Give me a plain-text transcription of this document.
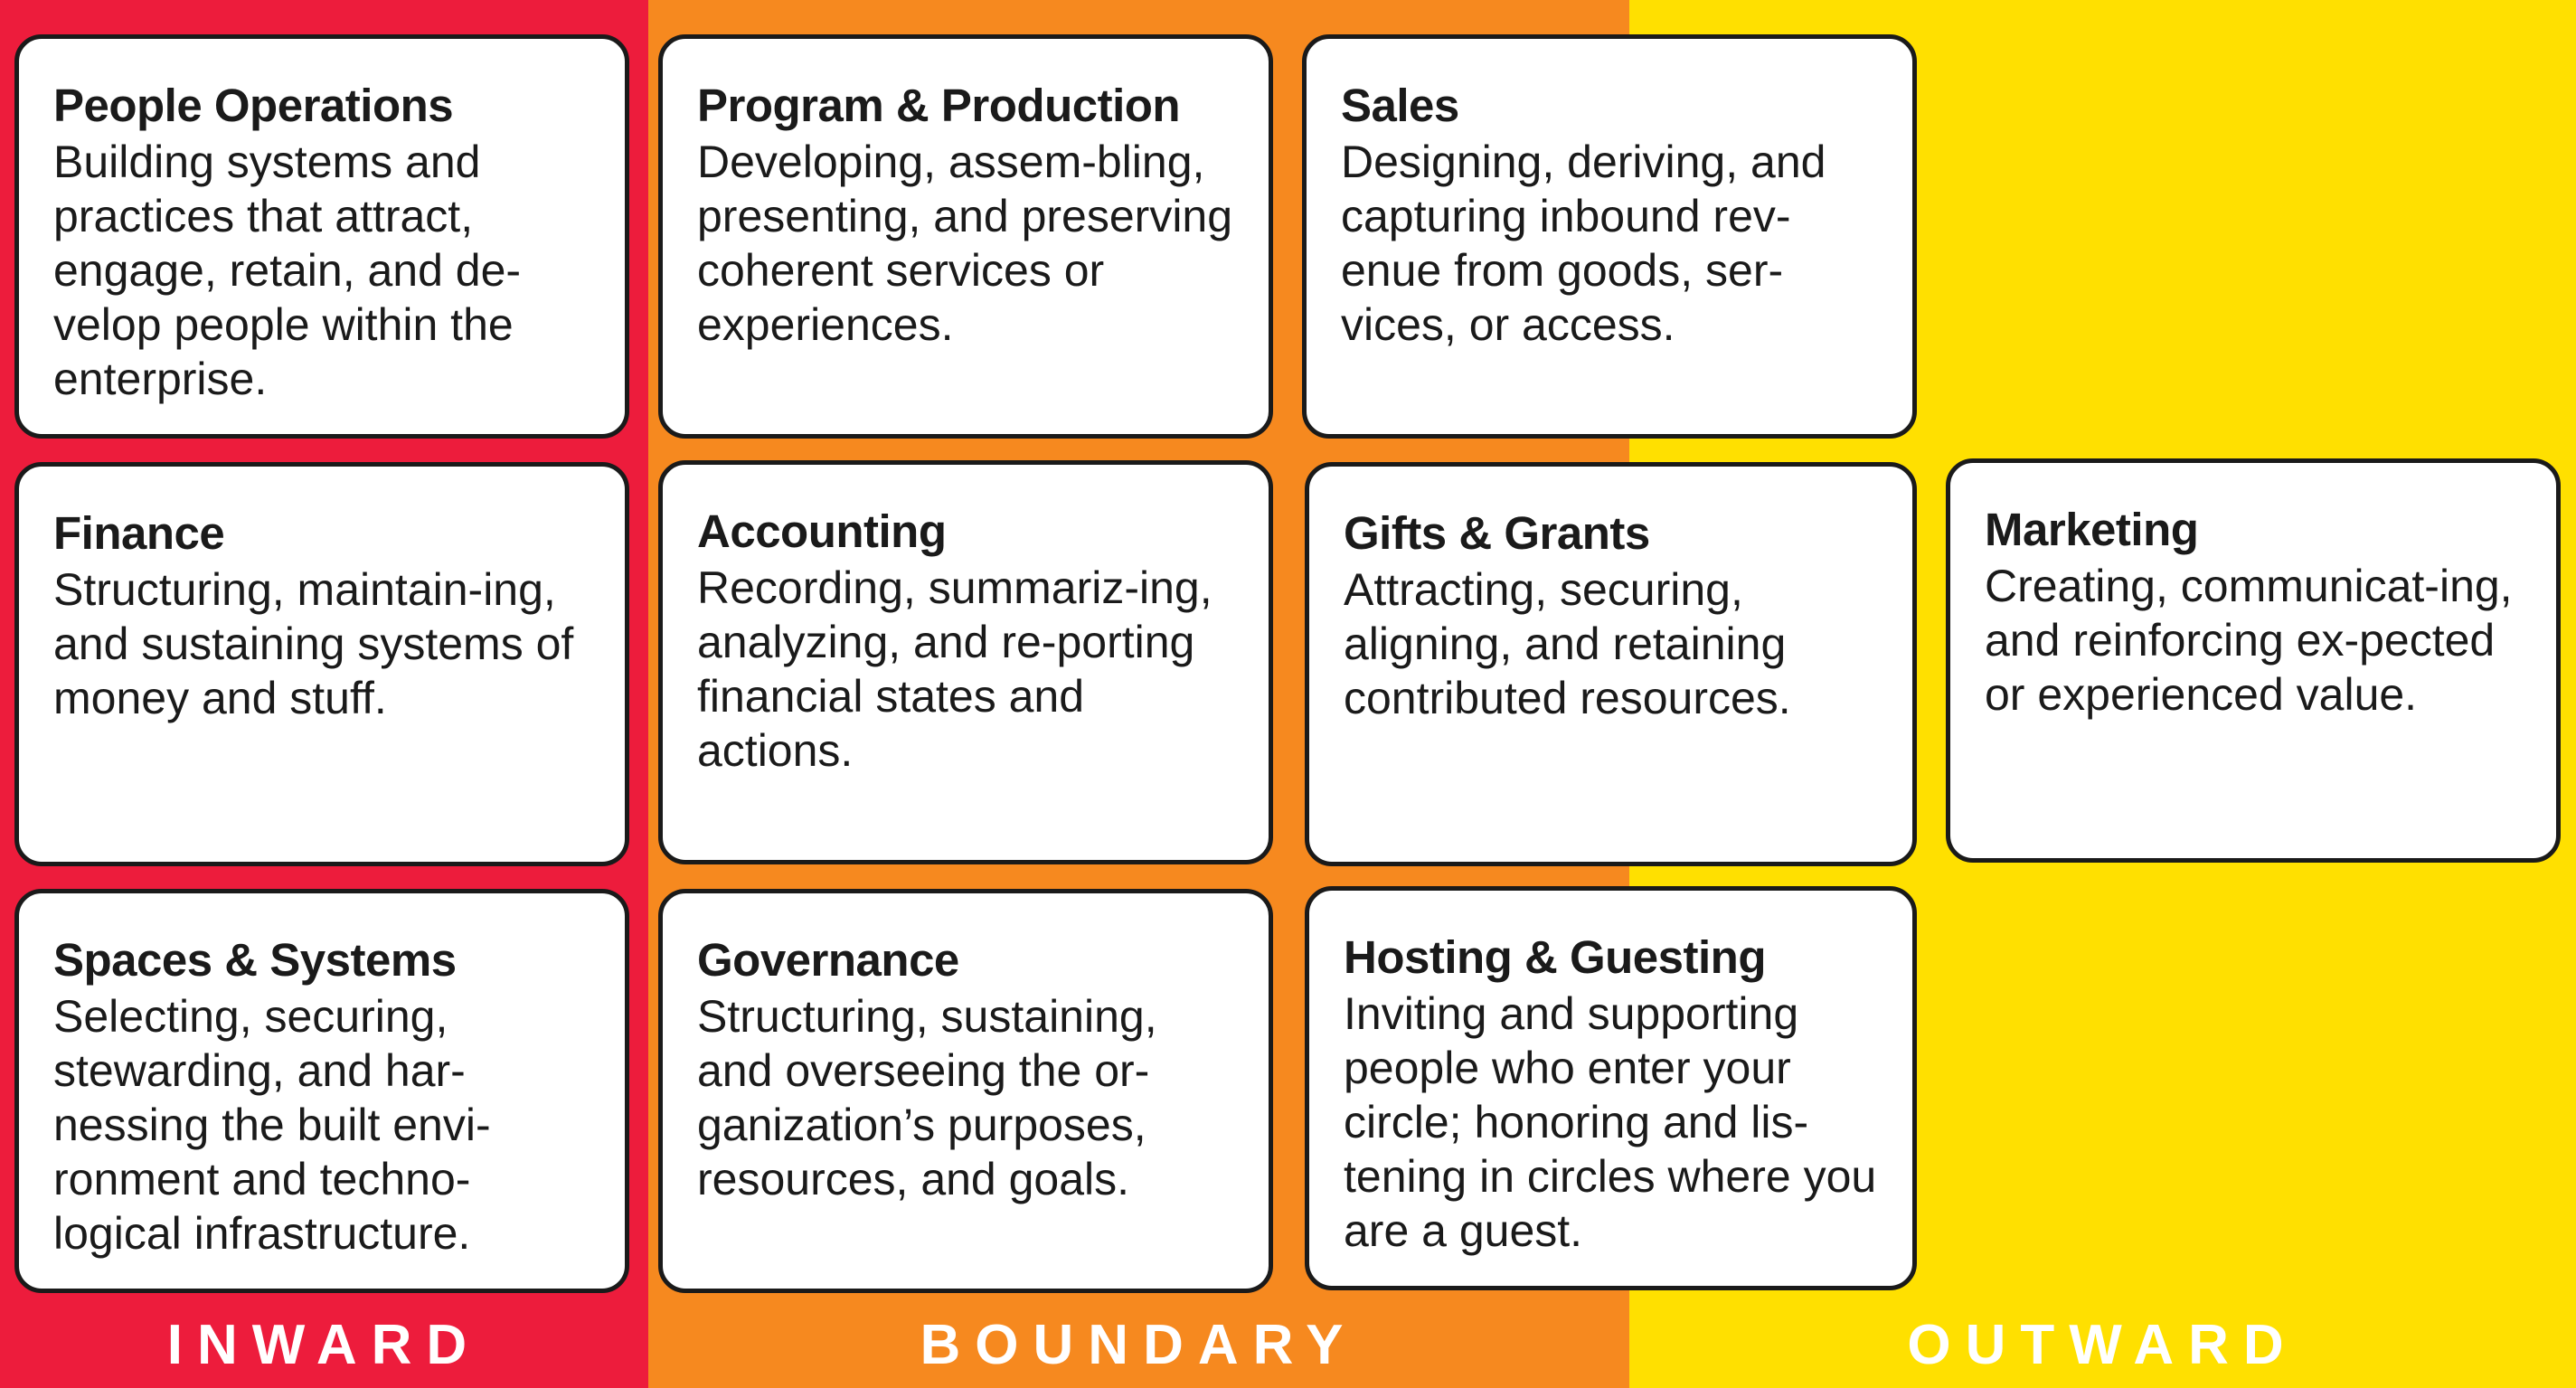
People Operations
Building systems and practices that attract, engage, retain, and de-velop people within the enterprise.
Program & Production
Developing, assem-bling, presenting, and preserving coherent services or experiences.
Sales
Designing, deriving, and capturing inbound rev-enue from goods, ser-vices, or access.
Finance
Structuring, maintain-ing, and sustaining systems of money and stuff.
Accounting
Recording, summariz-ing, analyzing, and re-porting financial states and actions.
Gifts & Grants
Attracting, securing, aligning, and retaining contributed resources.
Marketing
Creating, communicat-ing, and reinforcing ex-pected or experienced value.
Spaces & Systems
Selecting, securing, stewarding, and har-nessing the built envi-ronment and techno-logical infrastructure.
Governance
Structuring, sustaining, and overseeing the or-ganization’s purposes, resources, and goals.
Hosting & Guesting
Inviting and supporting people who enter your circle; honoring and lis-tening in circles where you are a guest.
INWARD	BOUNDARY	OUTWARD
